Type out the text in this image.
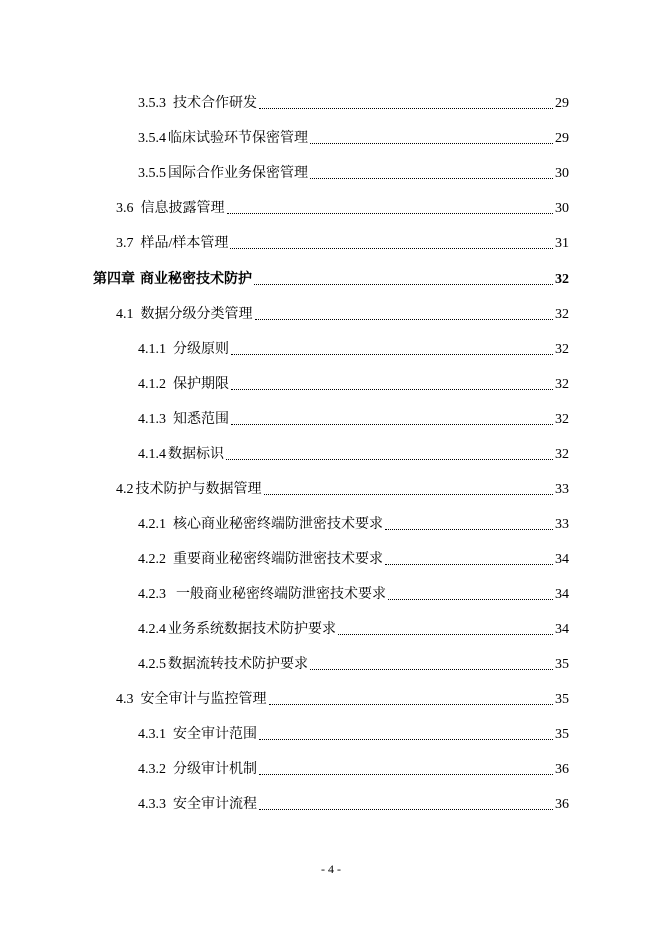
3.5.3 技术合作研发	29
3.5.4 临床试验环节保密管理	29
3.5.5 国际合作业务保密管理	30
3.6 信息披露管理	30
3.7 样品/样本管理	31
第四章 商业秘密技术防护	32
4.1 数据分级分类管理	32
4.1.1 分级原则	32
4.1.2 保护期限	32
4.1.3 知悉范围	32
4.1.4 数据标识	32
4.2 技术防护与数据管理	33
4.2.1 核心商业秘密终端防泄密技术要求	33
4.2.2 重要商业秘密终端防泄密技术要求	34
4.2.3 一般商业秘密终端防泄密技术要求	34
4.2.4 业务系统数据技术防护要求	34
4.2.5 数据流转技术防护要求	35
4.3 安全审计与监控管理	35
4.3.1 安全审计范围	35
4.3.2 分级审计机制	36
4.3.3 安全审计流程	36
- 4 -
